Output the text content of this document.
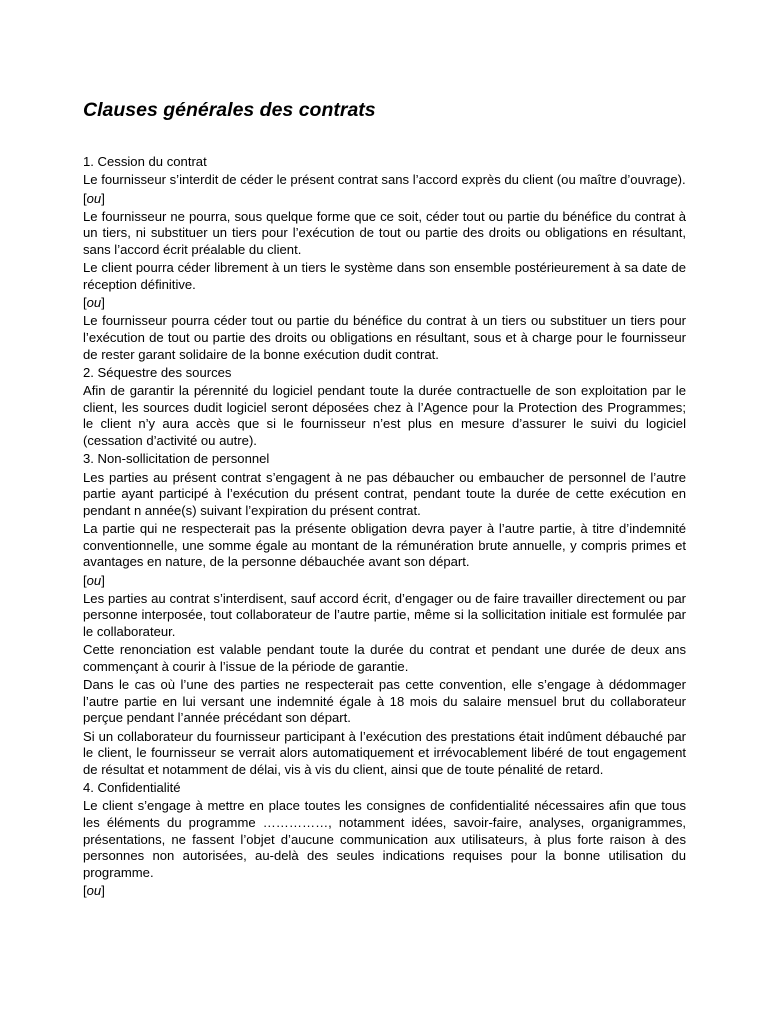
Clauses générales des contrats
1. Cession du contrat
Le fournisseur s’interdit de céder le présent contrat sans l’accord exprès du client (ou maître d’ouvrage).
[ou]
Le fournisseur ne pourra, sous quelque forme que ce soit, céder tout ou partie du bénéfice du contrat à un tiers, ni substituer un tiers pour l’exécution de tout ou partie des droits ou obligations en résultant, sans l’accord écrit préalable du client.
Le client pourra céder librement à un tiers le système dans son ensemble postérieurement à sa date de réception définitive.
[ou]
Le fournisseur pourra céder tout ou partie du bénéfice du contrat à un tiers ou substituer un tiers pour l’exécution de tout ou partie des droits ou obligations en résultant, sous et à charge pour le fournisseur de rester garant solidaire de la bonne exécution dudit contrat.
2. Séquestre des sources
Afin de garantir la pérennité du logiciel pendant toute la durée contractuelle de son exploitation par le client, les sources dudit logiciel seront déposées chez à l’Agence pour la Protection des Programmes; le client n’y aura accès que si le fournisseur n’est plus en mesure d’assurer le suivi du logiciel (cessation d’activité ou autre).
3. Non-sollicitation de personnel
Les parties au présent contrat s’engagent à ne pas débaucher ou embaucher de personnel de l’autre partie ayant participé à l’exécution du présent contrat, pendant toute la durée de cette exécution en pendant n année(s) suivant l’expiration du présent contrat.
La partie qui ne respecterait pas la présente obligation devra payer à l’autre partie, à titre d’indemnité conventionnelle, une somme égale au montant de la rémunération brute annuelle, y compris primes et avantages en nature, de la personne débauchée avant son départ.
[ou]
Les parties au contrat s’interdisent, sauf accord écrit, d’engager ou de faire travailler directement ou par personne interposée, tout collaborateur de l’autre partie, même si la sollicitation initiale est formulée par le collaborateur.
Cette renonciation est valable pendant toute la durée du contrat et pendant une durée de deux ans commençant à courir à l’issue de la période de garantie.
Dans le cas où l’une des parties ne respecterait pas cette convention, elle s’engage à dédommager l’autre partie en lui versant une indemnité égale à 18 mois du salaire mensuel brut du collaborateur perçue pendant l’année précédant son départ.
Si un collaborateur du fournisseur participant à l’exécution des prestations était indûment débauché par le client, le fournisseur se verrait alors automatiquement et irrévocablement libéré de tout engagement de résultat et notamment de délai, vis à vis du client, ainsi que de toute pénalité de retard.
4. Confidentialité
Le client s’engage à mettre en place toutes les consignes de confidentialité nécessaires afin que tous les éléments du programme ……………, notamment idées, savoir-faire, analyses, organigrammes, présentations, ne fassent l’objet d’aucune communication aux utilisateurs, à plus forte raison à des personnes non autorisées, au-delà des seules indications requises pour la bonne utilisation du programme.
[ou]
